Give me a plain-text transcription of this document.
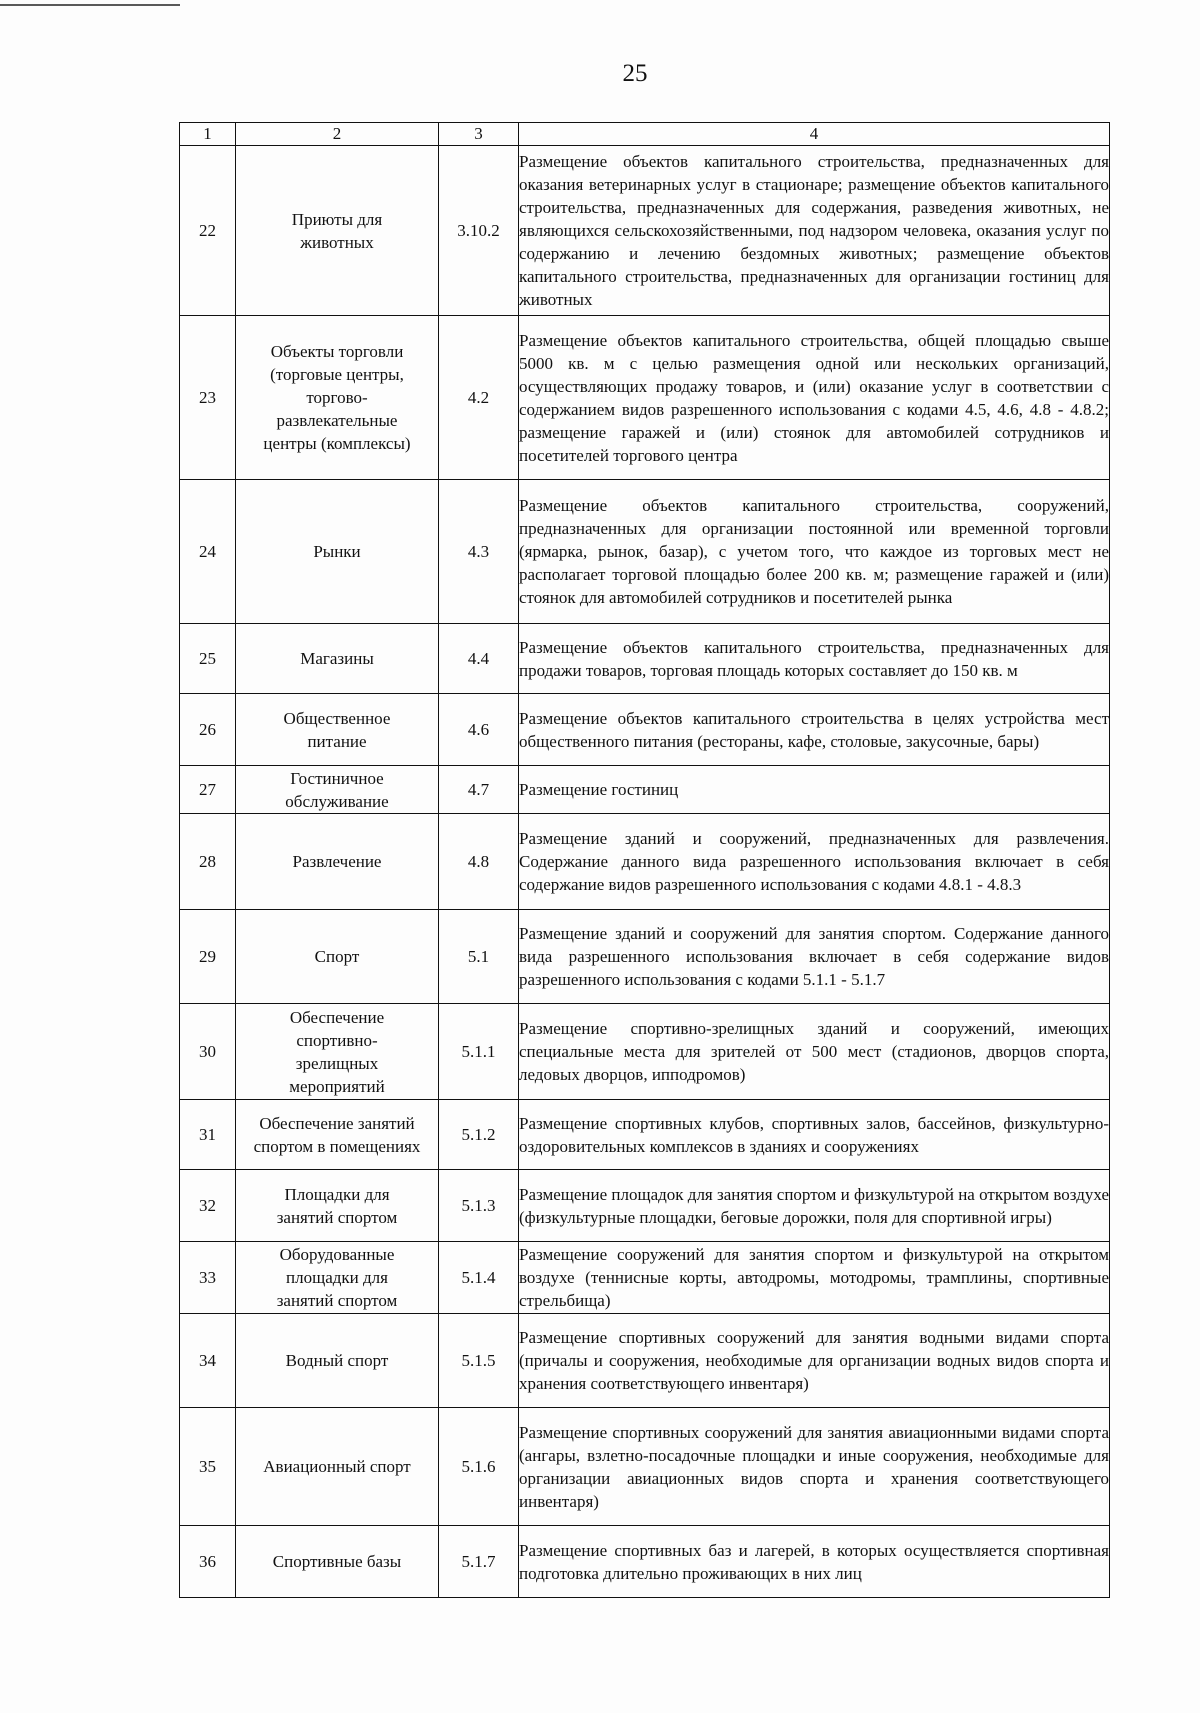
25
1	2	3	4
22	Приюты для животных	3.10.2	Размещение объектов капитального строительства, предназначенных для оказания ветеринарных услуг в стационаре; размещение объектов капитального строительства, предназначенных для содержания, разведения животных, не являющихся сельскохозяйственными, под надзором человека, оказания услуг по содержанию и лечению бездомных животных; размещение объектов капитального строительства, предназначенных для организации гостиниц для животных
23	Объекты торговли (торговые центры, торгово-развлекательные центры (комплексы)	4.2	Размещение объектов капитального строительства, общей площадью свыше 5000 кв. м с целью размещения одной или нескольких организаций, осуществляющих продажу товаров, и (или) оказание услуг в соответствии с содержанием видов разрешенного использования с кодами 4.5, 4.6, 4.8 - 4.8.2; размещение гаражей и (или) стоянок для автомобилей сотрудников и посетителей торгового центра
24	Рынки	4.3	Размещение объектов капитального строительства, сооружений, предназначенных для организации постоянной или временной торговли (ярмарка, рынок, базар), с учетом того, что каждое из торговых мест не располагает торговой площадью более 200 кв. м; размещение гаражей и (или) стоянок для автомобилей сотрудников и посетителей рынка
25	Магазины	4.4	Размещение объектов капитального строительства, предназначенных для продажи товаров, торговая площадь которых составляет до 150 кв. м
26	Общественное питание	4.6	Размещение объектов капитального строительства в целях устройства мест общественного питания (рестораны, кафе, столовые, закусочные, бары)
27	Гостиничное обслуживание	4.7	Размещение гостиниц
28	Развлечение	4.8	Размещение зданий и сооружений, предназначенных для развлечения. Содержание данного вида разрешенного использования включает в себя содержание видов разрешенного использования с кодами 4.8.1 - 4.8.3
29	Спорт	5.1	Размещение зданий и сооружений для занятия спортом. Содержание данного вида разрешенного использования включает в себя содержание видов разрешенного использования с кодами 5.1.1 - 5.1.7
30	Обеспечение спортивно-зрелищных мероприятий	5.1.1	Размещение спортивно-зрелищных зданий и сооружений, имеющих специальные места для зрителей от 500 мест (стадионов, дворцов спорта, ледовых дворцов, ипподромов)
31	Обеспечение занятий спортом в помещениях	5.1.2	Размещение спортивных клубов, спортивных залов, бассейнов, физкультурно-оздоровительных комплексов в зданиях и сооружениях
32	Площадки для занятий спортом	5.1.3	Размещение площадок для занятия спортом и физкультурой на открытом воздухе (физкультурные площадки, беговые дорожки, поля для спортивной игры)
33	Оборудованные площадки для занятий спортом	5.1.4	Размещение сооружений для занятия спортом и физкультурой на открытом воздухе (теннисные корты, автодромы, мотодромы, трамплины, спортивные стрельбища)
34	Водный спорт	5.1.5	Размещение спортивных сооружений для занятия водными видами спорта (причалы и сооружения, необходимые для организации водных видов спорта и хранения соответствующего инвентаря)
35	Авиационный спорт	5.1.6	Размещение спортивных сооружений для занятия авиационными видами спорта (ангары, взлетно-посадочные площадки и иные сооружения, необходимые для организации авиационных видов спорта и хранения соответствующего инвентаря)
36	Спортивные базы	5.1.7	Размещение спортивных баз и лагерей, в которых осуществляется спортивная подготовка длительно проживающих в них лиц
